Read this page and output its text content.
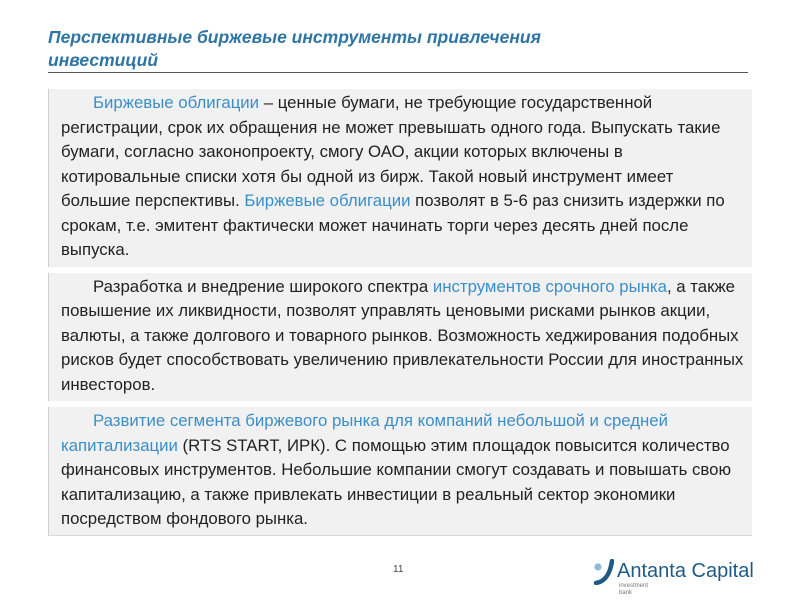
Перспективные биржевые инструменты привлечения
инвестиций

Биржевые облигации – ценные бумаги, не требующие государственной регистрации, срок их обращения не может превышать одного года. Выпускать такие бумаги, согласно законопроекту, смогу ОАО, акции которых включены в котировальные списки хотя бы одной из бирж. Такой новый инструмент имеет большие перспективы. Биржевые облигации позволят в 5-6 раз снизить издержки по срокам, т.е. эмитент фактически может начинать торги через десять дней после выпуска.

Разработка и внедрение широкого спектра инструментов срочного рынка, а также повышение их ликвидности, позволят управлять ценовыми рисками рынков акции, валюты, а также долгового и товарного рынков. Возможность хеджирования подобных рисков будет способствовать увеличению привлекательности России для иностранных инвесторов.

Развитие сегмента биржевого рынка для компаний небольшой и средней капитализации (RTS START, ИРК). С помощью этим площадок повысится количество финансовых инструментов. Небольшие компании смогут создавать и повышать свою капитализацию, а также привлекать инвестиции в реальный сектор экономики посредством фондового рынка.

11	Antanta Capital
investment
bank
